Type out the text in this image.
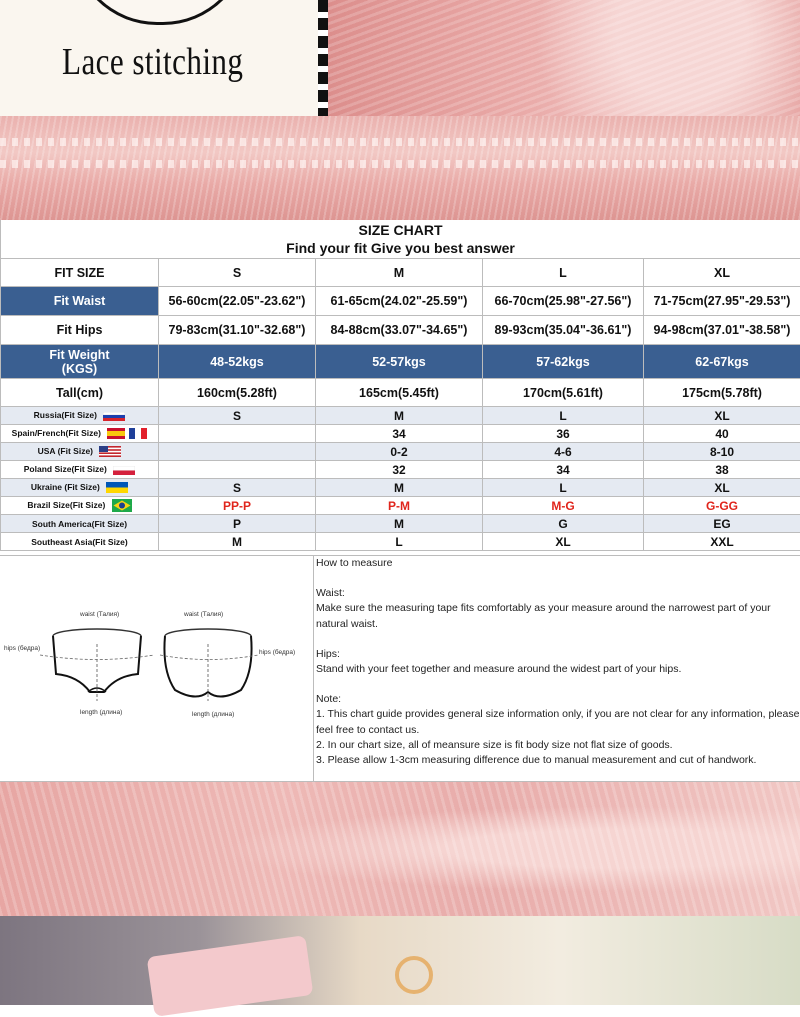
Lace stitching
SIZE CHART
Find your fit Give you best answer				

FIT SIZE	S	M	L	XL
Fit Waist	56-60cm(22.05"-23.62")	61-65cm(24.02"-25.59")	66-70cm(25.98"-27.56")	71-75cm(27.95"-29.53")
Fit Hips	79-83cm(31.10"-32.68")	84-88cm(33.07"-34.65")	89-93cm(35.04"-36.61")	94-98cm(37.01"-38.58")

Fit Weight
(KGS)	48-52kgs	52-57kgs	57-62kgs	62-67kgs
Tall(cm)	160cm(5.28ft)	165cm(5.45ft)	170cm(5.61ft)	175cm(5.78ft)
Russia(Fit Size)	S	M	L	XL
Spain/French(Fit Size)		34	36	40
USA (Fit Size)		0-2	4-6	8-10
Poland Size(Fit Size)		32	34	38
Ukraine (Fit Size)	S	M	L	XL
Brazil Size(Fit Size)	PP-P	P-M	M-G	G-GG
South America(Fit Size)	P	M	G	EG
Southeast Asia(Fit Size)	M	L	XL	XXL
waist (Талия)	waist (Талия)
hips (бедра)
hips (бедра)
length (длина)	length (длина)

How to measure

Waist:

Make sure the measuring tape fits comfortably as your measure around the narrowest part of your natural waist.

Hips:

Stand with your feet together and measure around the widest part of your hips.

Note:

1. This chart guide provides general size information only, if you are not clear for any information, please feel free to contact us.

2. In our chart size, all of meansure size is fit body size not flat size of goods.

3. Please allow 1-3cm measuring difference due to manual measurement and cut of handwork.
